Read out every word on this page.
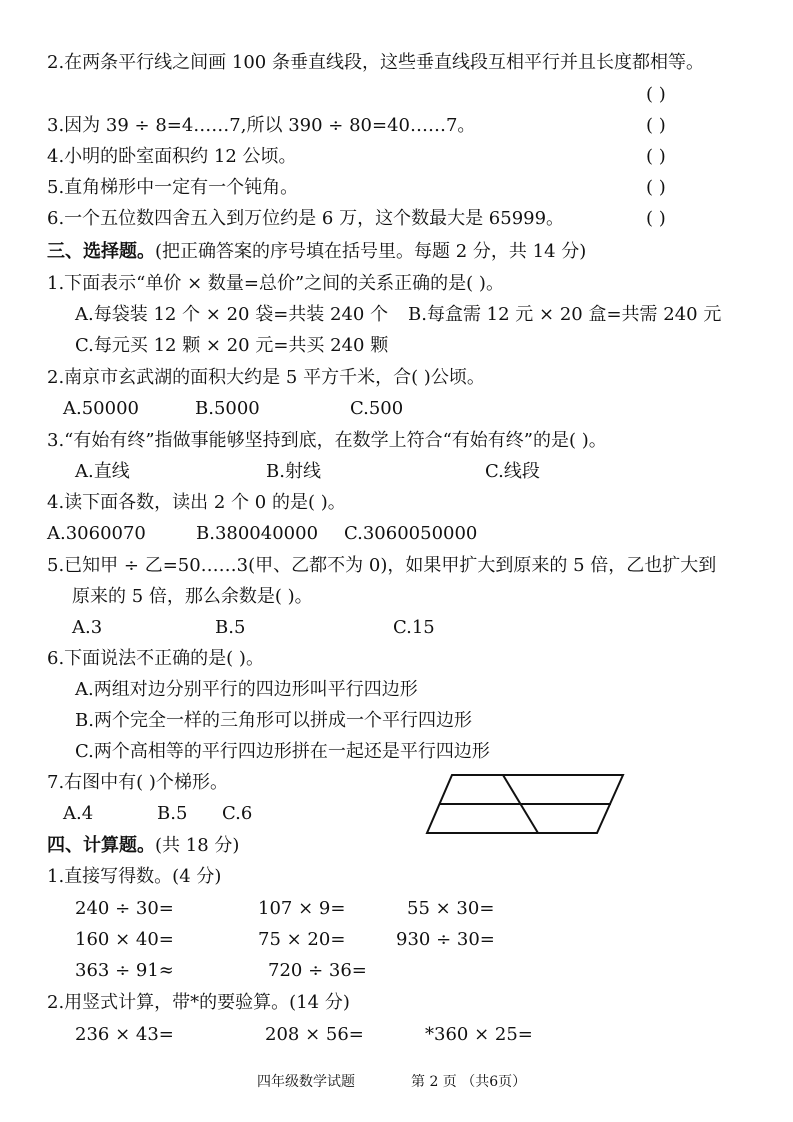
2.在两条平行线之间画 100 条垂直线段，这些垂直线段互相平行并且长度都相等。
( )
3.因为 39 ÷ 8=4……7,所以 390 ÷ 80=40……7。	( )
4.小明的卧室面积约 12 公顷。	( )
5.直角梯形中一定有一个钝角。	( )
6.一个五位数四舍五入到万位约是 6 万，这个数最大是 65999。	( )
三、选择题。(把正确答案的序号填在括号里。每题 2 分，共 14 分)
1.下面表示“单价 × 数量=总价”之间的关系正确的是( )。
A.每袋装 12 个 × 20 袋=共装 240 个 B.每盒需 12 元 × 20 盒=共需 240 元
C.每元买 12 颗 × 20 元=共买 240 颗
2.南京市玄武湖的面积大约是 5 平方千米，合( )公顷。
A.50000	B.5000	C.500
3.“有始有终”指做事能够坚持到底，在数学上符合“有始有终”的是( )。
A.直线	B.射线	C.线段
4.读下面各数，读出 2 个 0 的是( )。
A.3060070	B.380040000 C.3060050000
5.已知甲 ÷ 乙=50……3(甲、乙都不为 0)，如果甲扩大到原来的 5 倍，乙也扩大到
原来的 5 倍，那么余数是( )。
A.3	B.5	C.15
6.下面说法不正确的是( )。
A.两组对边分别平行的四边形叫平行四边形
B.两个完全一样的三角形可以拼成一个平行四边形
C.两个高相等的平行四边形拼在一起还是平行四边形
7.右图中有( )个梯形。
A.4	B.5 C.6
四、计算题。(共 18 分)
1.直接写得数。(4 分)
240 ÷ 30=	107 × 9=	55 × 30=
160 × 40=	75 × 20=	930 ÷ 30=
363 ÷ 91≈	720 ÷ 36=
2.用竖式计算，带*的要验算。(14 分)
236 × 43=	208 × 56=	*360 × 25=
四年级数学试题	第 2 页 （共6页）
